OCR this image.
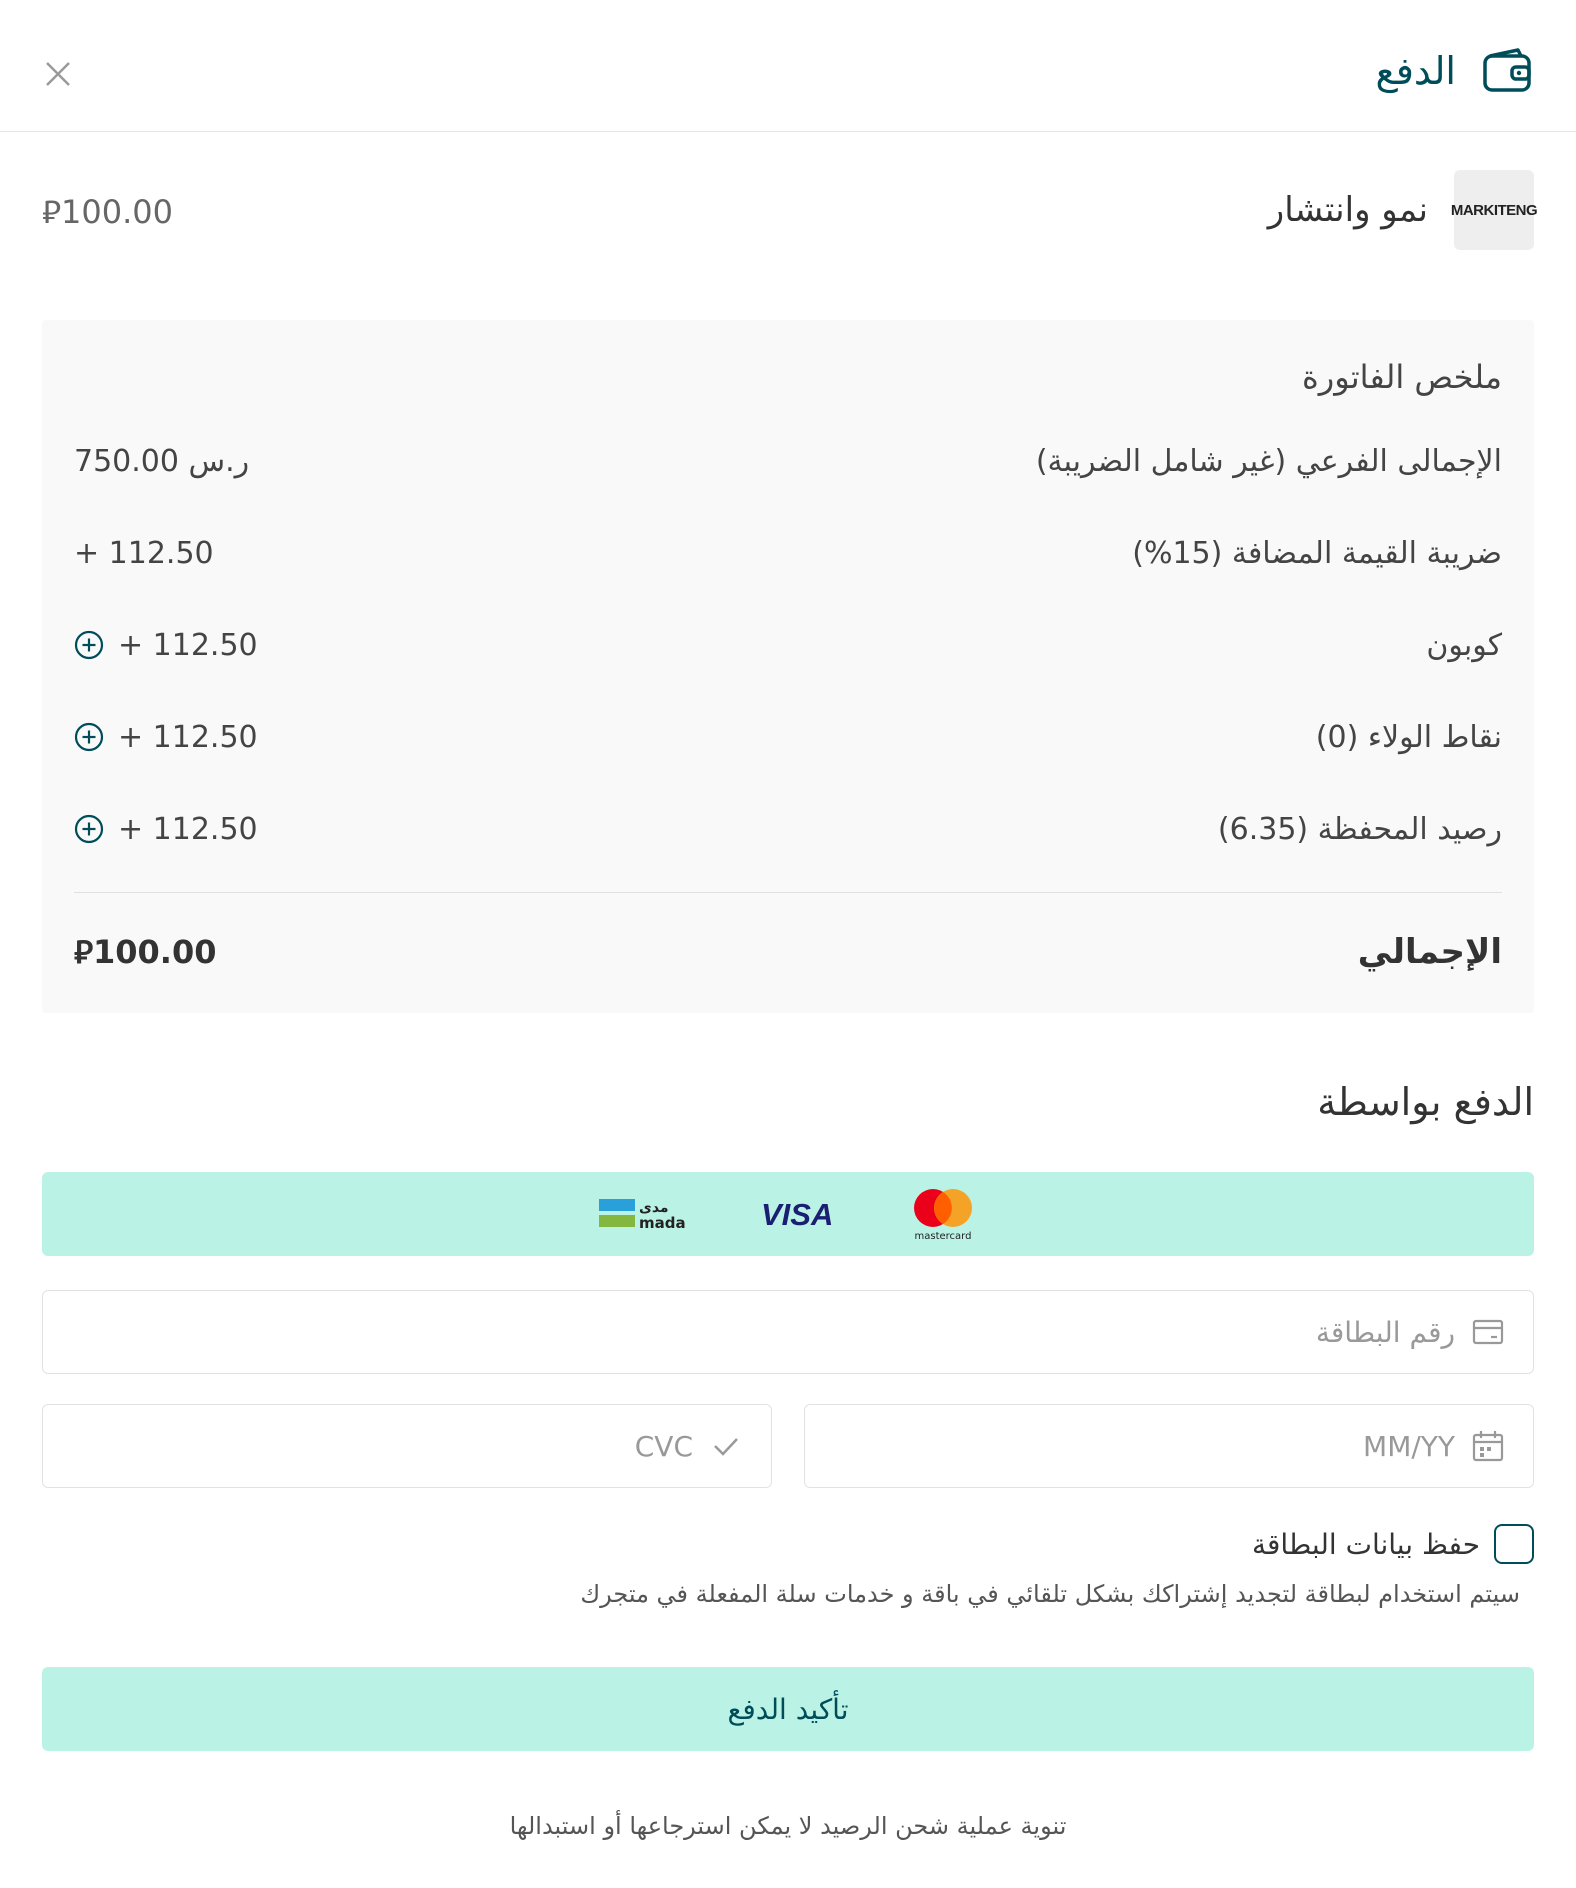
الدفع
MARKITENG
نمو وانتشار
⃁100.00
ملخص الفاتورة
الإجمالى الفرعي (غير شامل الضريبة)
750.00 ر.س
ضريبة القيمة المضافة (15%)
+ 112.50
كوبون
+ 112.50
نقاط الولاء (0)
+ 112.50
رصيد المحفظة (6.35)
+ 112.50
الإجمالي
⃁100.00
الدفع بواسطة
مدى
mada VISA
mastercard
رقم البطاقة
CVC
MM/YY
حفظ بيانات البطاقة
سيتم استخدام لبطاقة لتجديد إشتراكك بشكل تلقائي في باقة و خدمات سلة المفعلة في متجرك
تأكيد الدفع
تنوية عملية شحن الرصيد لا يمكن استرجاعها أو استبدالها
